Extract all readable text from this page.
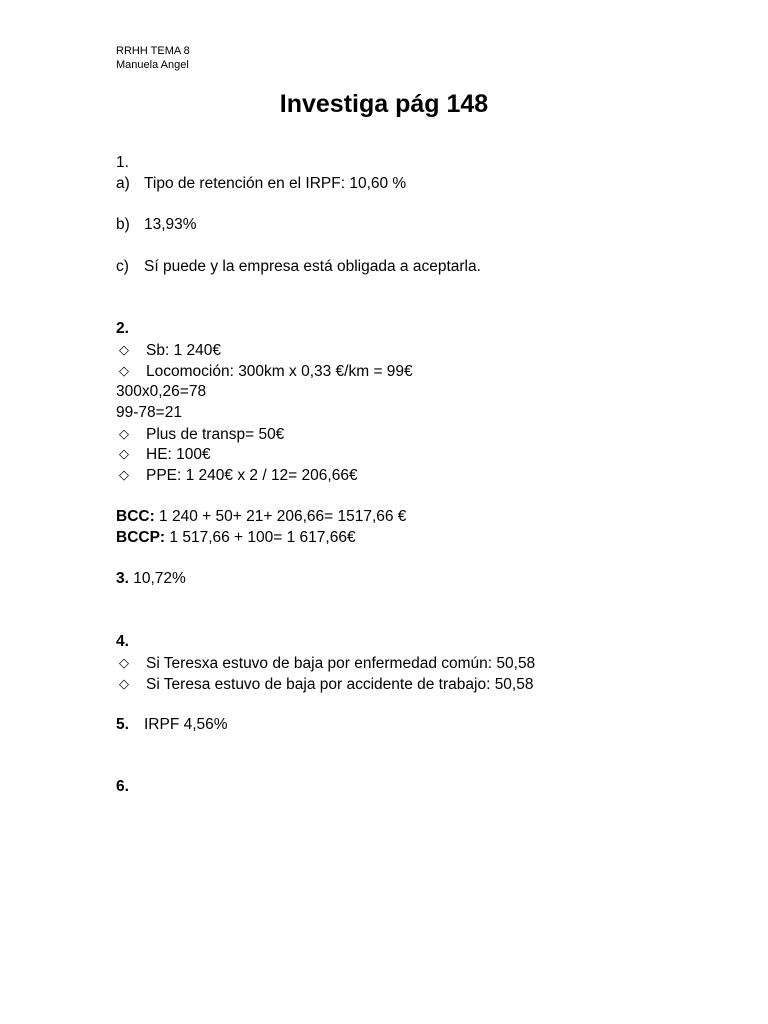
RRHH TEMA 8
Manuela Angel
Investiga pág 148
1.
a) Tipo de retención en el IRPF: 10,60 %
b) 13,93%
c) Sí puede y la empresa está obligada a aceptarla.
2.
◇ Sb: 1 240€
◇ Locomoción: 300km x 0,33 €/km = 99€
300x0,26=78
99-78=21
◇ Plus de transp= 50€
◇ HE: 100€
◇ PPE: 1 240€ x 2 / 12= 206,66€
BCC: 1 240 + 50+ 21+ 206,66= 1517,66 €
BCCP: 1 517,66 + 100= 1 617,66€
3. 10,72%
4.
◇ Si Teresxa estuvo de baja por enfermedad común: 50,58
◇ Si Teresa estuvo de baja por accidente de trabajo: 50,58
5. IRPF 4,56%
6.
